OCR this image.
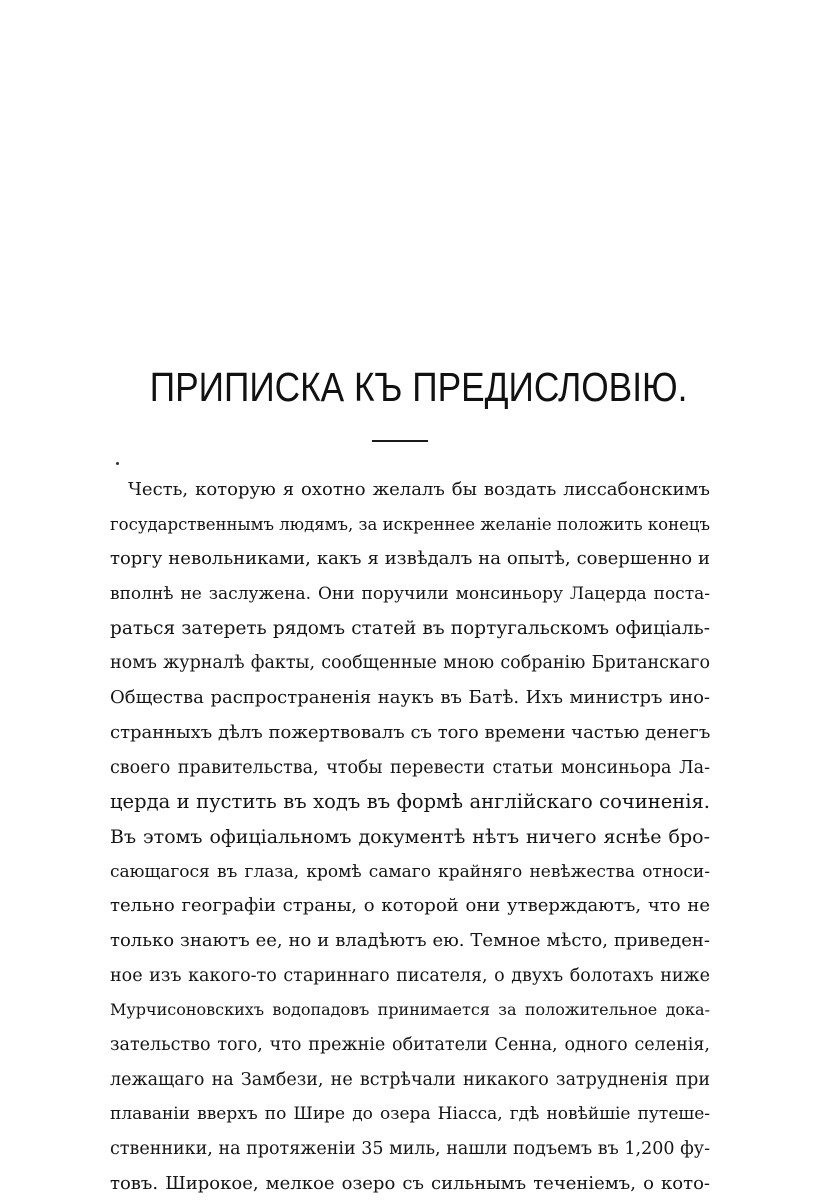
ПРИПИСКА КЪ ПРЕДИСЛОВІЮ.
Честь, которую я охотно желалъ бы воздать лиссабонскимъ
государственнымъ людямъ, за искреннее желаніе положить конецъ
торгу невольниками, какъ я извѣдалъ на опытѣ, совершенно и
вполнѣ не заслужена. Они поручили монсиньору Лацерда поста-
раться затереть рядомъ статей въ португальскомъ офиціаль-
номъ журналѣ факты, сообщенные мною собранію Британскаго
Общества распространенія наукъ въ Батѣ. Ихъ министръ ино-
странныхъ дѣлъ пожертвовалъ съ того времени частью денегъ
своего правительства, чтобы перевести статьи монсиньора Ла-
церда и пустить въ ходъ въ формѣ англійскаго сочиненія.
Въ этомъ офиціальномъ документѣ нѣтъ ничего яснѣе бро-
сающагося въ глаза, кромѣ самаго крайняго невѣжества относи-
тельно географіи страны, о которой они утверждаютъ, что не
только знаютъ ее, но и владѣютъ ею. Темное мѣсто, приведен-
ное изъ какого-то стариннаго писателя, о двухъ болотахъ ниже
Мурчисоновскихъ водопадовъ принимается за положительное дока-
зательство того, что прежніе обитатели Сенна, одного селенія,
лежащаго на Замбези, не встрѣчали никакого затрудненія при
плаваніи вверхъ по Шире до озера Ніасса, гдѣ новѣйшіе путеше-
ственники, на протяженіи 35 миль, нашли подъемъ въ 1,200 фу-
товъ. Широкое, мелкое озеро съ сильнымъ теченіемъ, о кото-
